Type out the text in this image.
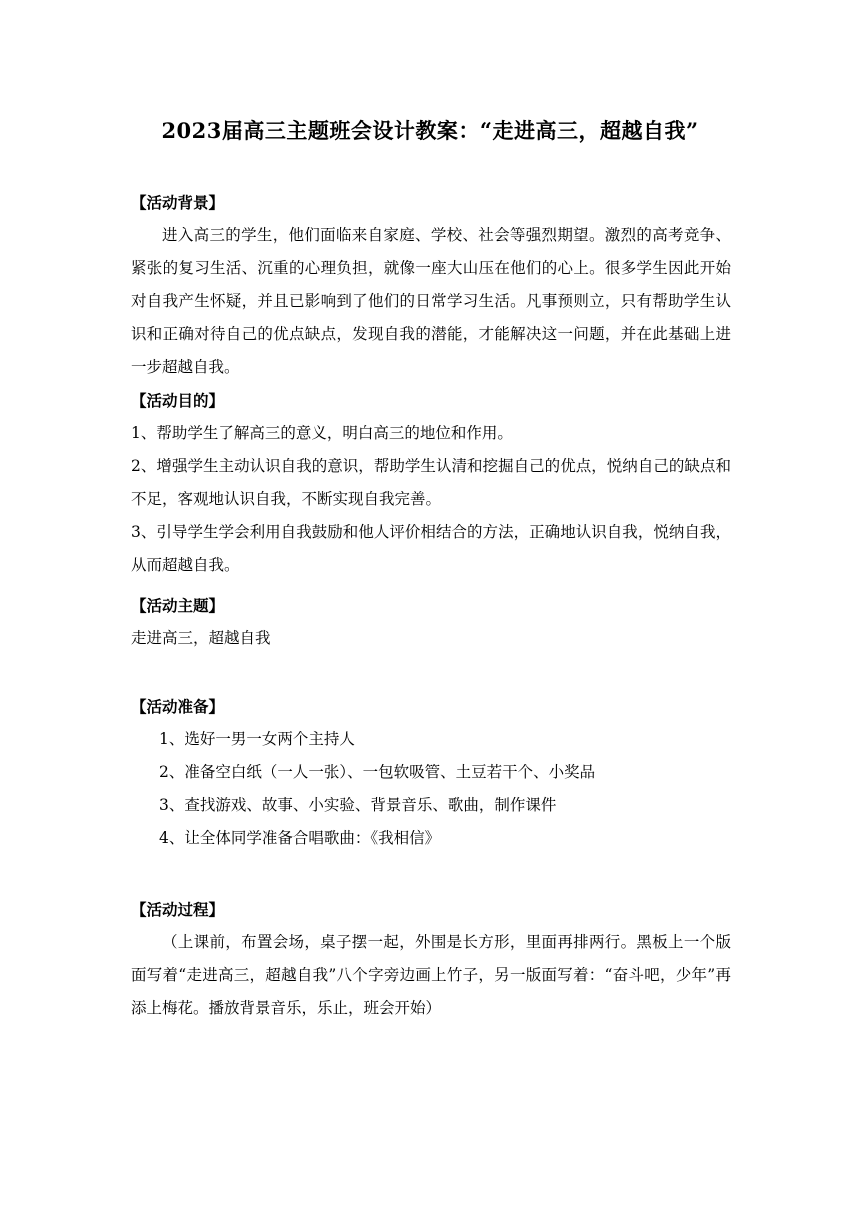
2023届高三主题班会设计教案：“走进高三，超越自我”
【活动背景】
进入高三的学生，他们面临来自家庭、学校、社会等强烈期望。激烈的高考竞争、紧张的复习生活、沉重的心理负担，就像一座大山压在他们的心上。很多学生因此开始对自我产生怀疑，并且已影响到了他们的日常学习生活。凡事预则立，只有帮助学生认识和正确对待自己的优点缺点，发现自我的潜能，才能解决这一问题，并在此基础上进一步超越自我。
【活动目的】
1、帮助学生了解高三的意义，明白高三的地位和作用。
2、增强学生主动认识自我的意识，帮助学生认清和挖掘自己的优点，悦纳自己的缺点和不足，客观地认识自我，不断实现自我完善。
3、引导学生学会利用自我鼓励和他人评价相结合的方法，正确地认识自我，悦纳自我，从而超越自我。
【活动主题】
走进高三，超越自我
【活动准备】
1、选好一男一女两个主持人
2、准备空白纸（一人一张）、一包软吸管、土豆若干个、小奖品
3、查找游戏、故事、小实验、背景音乐、歌曲，制作课件
4、让全体同学准备合唱歌曲：《我相信》
【活动过程】
（上课前，布置会场，桌子摆一起，外围是长方形，里面再排两行。黑板上一个版面写着“走进高三，超越自我”八个字旁边画上竹子，另一版面写着：“奋斗吧，少年”再添上梅花。播放背景音乐，乐止，班会开始）
